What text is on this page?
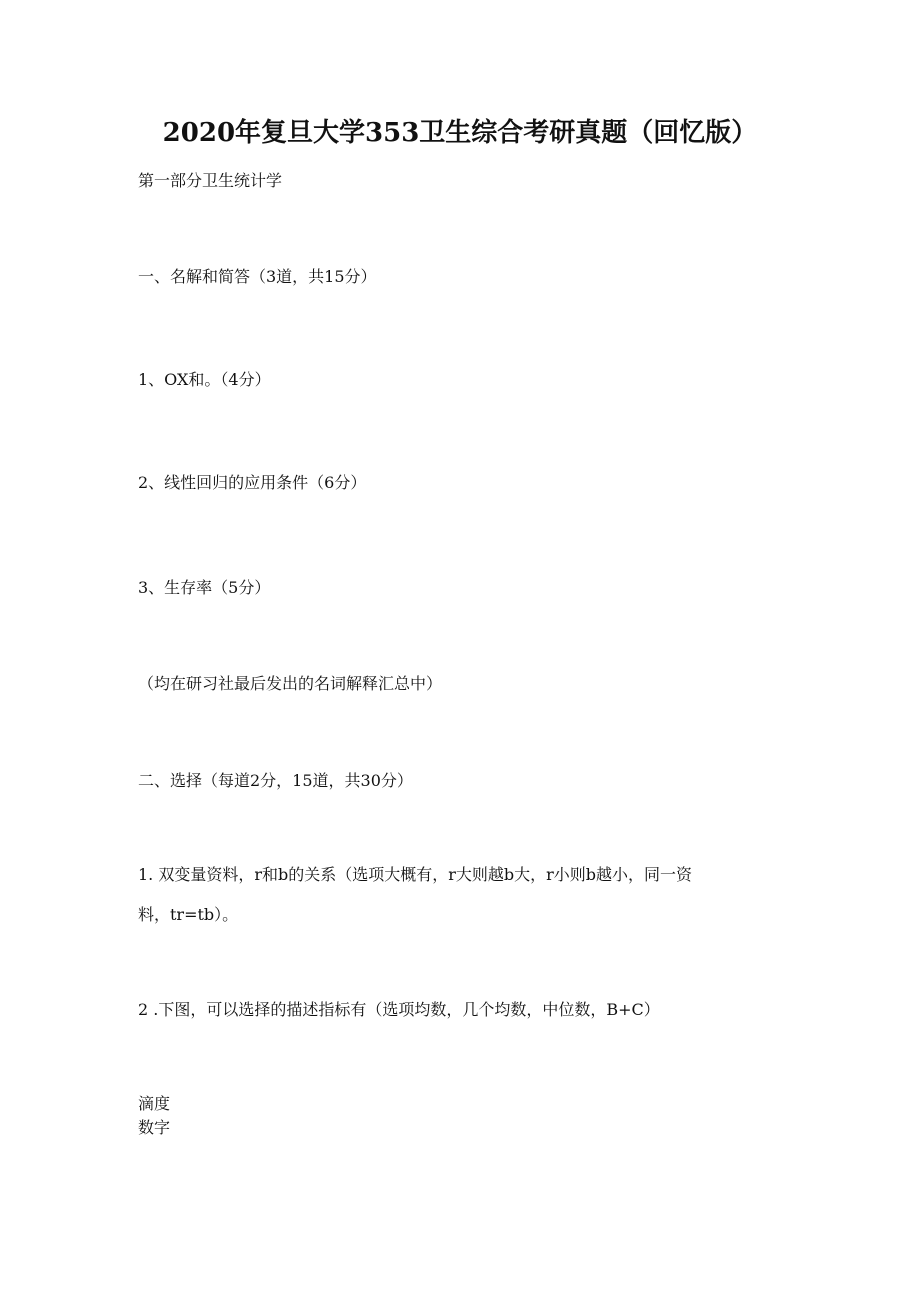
2020年复旦大学353卫生综合考研真题（回忆版）
第一部分卫生统计学
一、名解和简答（3道，共15分）
1、OX和。（4分）
2、线性回归的应用条件（6分）
3、生存率（5分）
（均在研习社最后发出的名词解释汇总中）
二、选择（每道2分，15道，共30分）
1. 双变量资料，r和b的关系（选项大概有，r大则越b大，r小则b越小，同一资
料，tr=tb）。
2 .下图，可以选择的描述指标有（选项均数，几个均数，中位数，B+C）
滴度
数字
